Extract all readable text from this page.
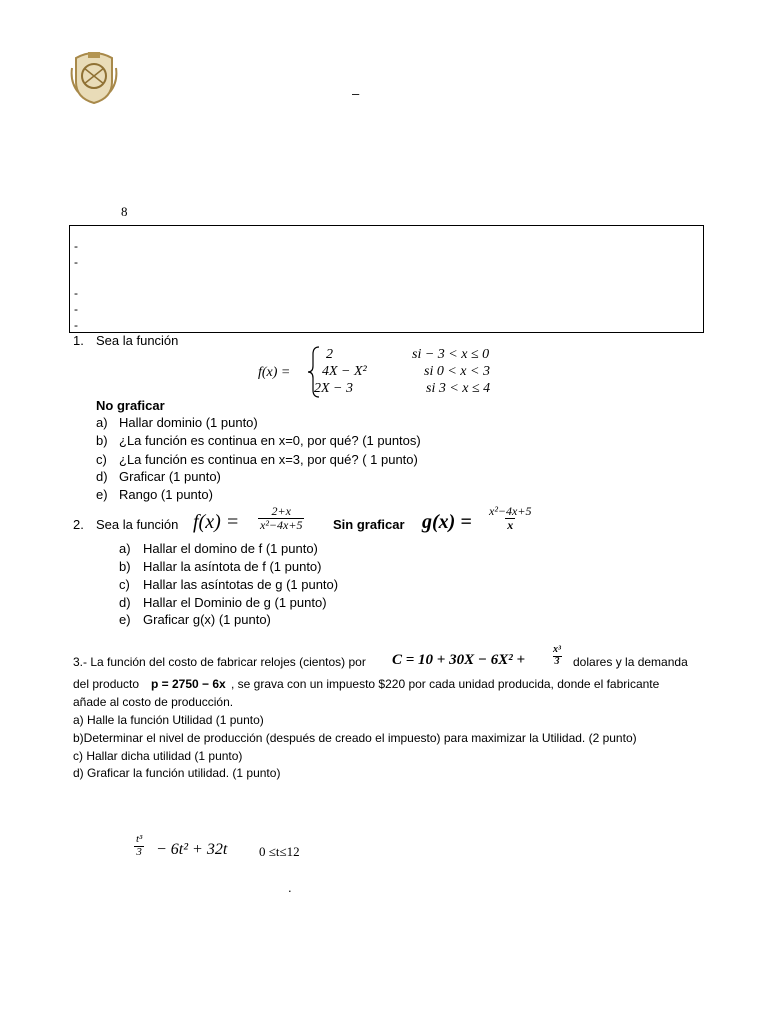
–
8
-
-
-
-
-
1. Sea la función
f(x) =
2	si − 3 < x ≤ 0
4X − X²	si 0 < x < 3
2X − 3	si 3 < x ≤ 4
No graficar
a) Hallar dominio (1 punto)
b) ¿La función es continua en x=0, por qué? (1 puntos)
c) ¿La función es continua en x=3, por qué? ( 1 punto)
d) Graficar (1 punto)
e) Rango (1 punto)
2. Sea la función $f(x) = \frac{2+x}{\text{x²−4x+5}}$ Sin graficar $g(x) = \frac{\text{x²−4x+5}}{x}$
a) Hallar el domino de f (1 punto)
b) Hallar la asíntota de f (1 punto)
c) Hallar las asíntotas de g (1 punto)
d) Hallar el Dominio de g (1 punto)
e) Graficar g(x) (1 punto)
3.- La función del costo de fabricar relojes (cientos) por C = 10 + 30X − 6X² +	$\frac{\text{x³}}{3}$ dolares y la demanda
del producto p = 2750 − 6x , se grava con un impuesto $220 por cada unidad producida, donde el fabricante
añade al costo de producción.
a) Halle la función Utilidad (1 punto)
b)Determinar el nivel de producción (después de creado el impuesto) para maximizar la Utilidad. (2 punto)
c) Hallar dicha utilidad (1 punto)
d) Graficar la función utilidad. (1 punto)
$\frac{\text{t³}}{3} - 6t^2 + 32t$ 0 ≤t≤12
.
